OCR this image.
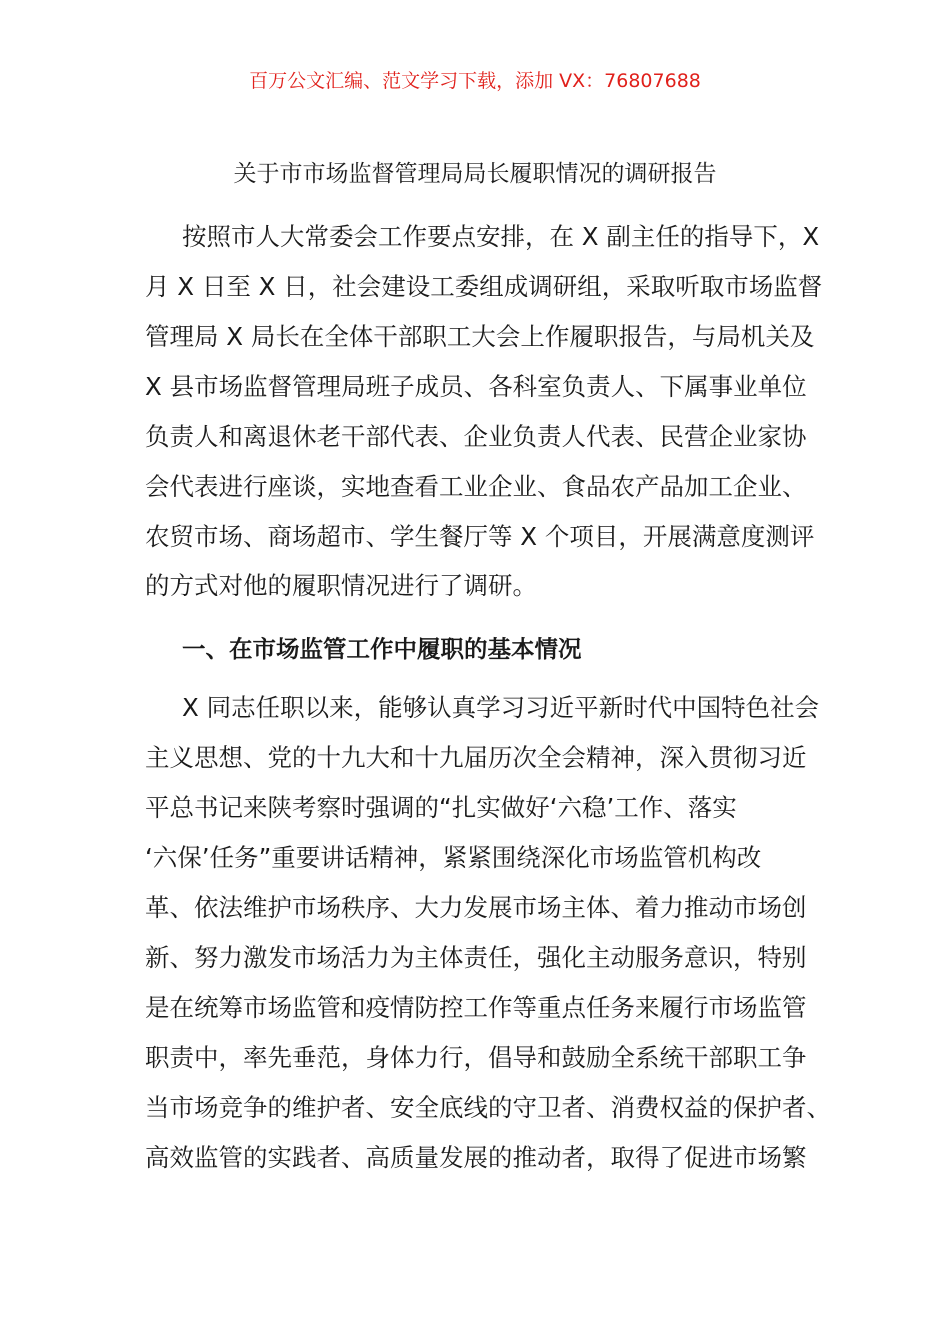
百万公文汇编、范文学习下载，添加 VX：76807688
关于市市场监督管理局局长履职情况的调研报告
按照市人大常委会工作要点安排，在 X 副主任的指导下，X
月 X 日至 X 日，社会建设工委组成调研组，采取听取市场监督
管理局 X 局长在全体干部职工大会上作履职报告，与局机关及
X 县市场监督管理局班子成员、各科室负责人、下属事业单位
负责人和离退休老干部代表、企业负责人代表、民营企业家协
会代表进行座谈，实地查看工业企业、食品农产品加工企业、
农贸市场、商场超市、学生餐厅等 X 个项目，开展满意度测评
的方式对他的履职情况进行了调研。
一、在市场监管工作中履职的基本情况
X 同志任职以来，能够认真学习习近平新时代中国特色社会
主义思想、党的十九大和十九届历次全会精神，深入贯彻习近
平总书记来陕考察时强调的“扎实做好‘六稳’工作、落实
‘六保’任务”重要讲话精神，紧紧围绕深化市场监管机构改
革、依法维护市场秩序、大力发展市场主体、着力推动市场创
新、努力激发市场活力为主体责任，强化主动服务意识，特别
是在统筹市场监管和疫情防控工作等重点任务来履行市场监管
职责中，率先垂范，身体力行，倡导和鼓励全系统干部职工争
当市场竞争的维护者、安全底线的守卫者、消费权益的保护者、
高效监管的实践者、高质量发展的推动者，取得了促进市场繁
